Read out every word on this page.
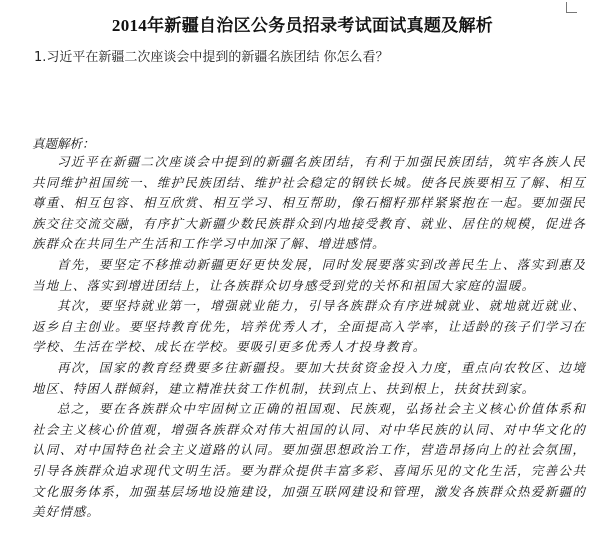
2014年新疆自治区公务员招录考试面试真题及解析
1.习近平在新疆二次座谈会中提到的新疆名族团结 你怎么看？
真题解析：

习近平在新疆二次座谈会中提到的新疆名族团结，有利于加强民族团结，筑牢各族人民共同维护祖国统一、维护民族团结、维护社会稳定的钢铁长城。使各民族要相互了解、相互尊重、相互包容、相互欣赏、相互学习、相互帮助，像石榴籽那样紧紧抱在一起。要加强民族交往交流交融，有序扩大新疆少数民族群众到内地接受教育、就业、居住的规模，促进各族群众在共同生产生活和工作学习中加深了解、增进感情。

首先，要坚定不移推动新疆更好更快发展，同时发展要落实到改善民生上、落实到惠及当地上、落实到增进团结上，让各族群众切身感受到党的关怀和祖国大家庭的温暖。

其次，要坚持就业第一，增强就业能力，引导各族群众有序进城就业、就地就近就业、返乡自主创业。要坚持教育优先，培养优秀人才，全面提高入学率，让适龄的孩子们学习在学校、生活在学校、成长在学校。要吸引更多优秀人才投身教育。

再次，国家的教育经费要多往新疆投。要加大扶贫资金投入力度，重点向农牧区、边境地区、特困人群倾斜，建立精准扶贫工作机制，扶到点上、扶到根上，扶贫扶到家。

总之，要在各族群众中牢固树立正确的祖国观、民族观，弘扬社会主义核心价值体系和社会主义核心价值观，增强各族群众对伟大祖国的认同、对中华民族的认同、对中华文化的认同、对中国特色社会主义道路的认同。要加强思想政治工作，营造昂扬向上的社会氛围，引导各族群众追求现代文明生活。要为群众提供丰富多彩、喜闻乐见的文化生活，完善公共文化服务体系，加强基层场地设施建设，加强互联网建设和管理，激发各族群众热爱新疆的美好情感。
